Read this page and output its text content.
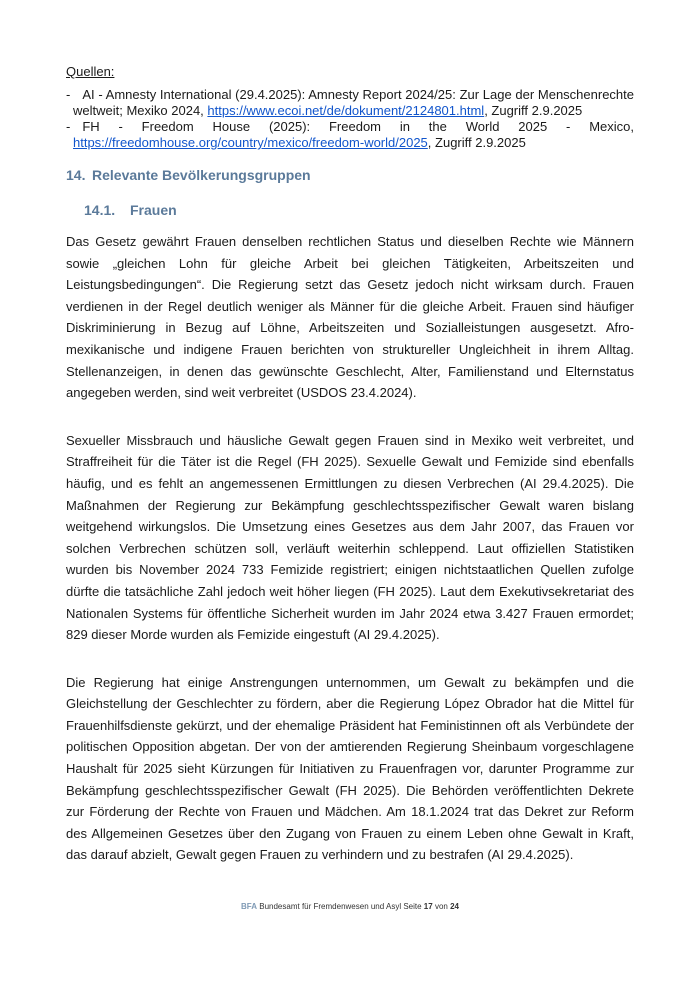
Quellen:
- AI - Amnesty International (29.4.2025): Amnesty Report 2024/25: Zur Lage der Menschenrechte weltweit; Mexiko 2024, https://www.ecoi.net/de/dokument/2124801.html, Zugriff 2.9.2025
- FH - Freedom House (2025): Freedom in the World 2025 - Mexico, https://freedomhouse.org/country/mexico/freedom-world/2025, Zugriff 2.9.2025
14. Relevante Bevölkerungsgruppen
14.1. Frauen

Das Gesetz gewährt Frauen denselben rechtlichen Status und dieselben Rechte wie Männern sowie „gleichen Lohn für gleiche Arbeit bei gleichen Tätigkeiten, Arbeitszeiten und Leistungsbedingungen“. Die Regierung setzt das Gesetz jedoch nicht wirksam durch. Frauen verdienen in der Regel deutlich weniger als Männer für die gleiche Arbeit. Frauen sind häufiger Diskriminierung in Bezug auf Löhne, Arbeitszeiten und Sozialleistungen ausgesetzt. Afro-mexikanische und indigene Frauen berichten von struktureller Ungleichheit in ihrem Alltag. Stellenanzeigen, in denen das gewünschte Geschlecht, Alter, Familienstand und Elternstatus angegeben werden, sind weit verbreitet (USDOS 23.4.2024).

Sexueller Missbrauch und häusliche Gewalt gegen Frauen sind in Mexiko weit verbreitet, und Straffreiheit für die Täter ist die Regel (FH 2025). Sexuelle Gewalt und Femizide sind ebenfalls häufig, und es fehlt an angemessenen Ermittlungen zu diesen Verbrechen (AI 29.4.2025). Die Maßnahmen der Regierung zur Bekämpfung geschlechtsspezifischer Gewalt waren bislang weitgehend wirkungslos. Die Umsetzung eines Gesetzes aus dem Jahr 2007, das Frauen vor solchen Verbrechen schützen soll, verläuft weiterhin schleppend. Laut offiziellen Statistiken wurden bis November 2024 733 Femizide registriert; einigen nichtstaatlichen Quellen zufolge dürfte die tatsächliche Zahl jedoch weit höher liegen (FH 2025). Laut dem Exekutivsekretariat des Nationalen Systems für öffentliche Sicherheit wurden im Jahr 2024 etwa 3.427 Frauen ermordet; 829 dieser Morde wurden als Femizide eingestuft (AI 29.4.2025).

Die Regierung hat einige Anstrengungen unternommen, um Gewalt zu bekämpfen und die Gleichstellung der Geschlechter zu fördern, aber die Regierung López Obrador hat die Mittel für Frauenhilfsdienste gekürzt, und der ehemalige Präsident hat Feministinnen oft als Verbündete der politischen Opposition abgetan. Der von der amtierenden Regierung Sheinbaum vorgeschlagene Haushalt für 2025 sieht Kürzungen für Initiativen zu Frauenfragen vor, darunter Programme zur Bekämpfung geschlechtsspezifischer Gewalt (FH 2025). Die Behörden veröffentlichten Dekrete zur Förderung der Rechte von Frauen und Mädchen. Am 18.1.2024 trat das Dekret zur Reform des Allgemeinen Gesetzes über den Zugang von Frauen zu einem Leben ohne Gewalt in Kraft, das darauf abzielt, Gewalt gegen Frauen zu verhindern und zu bestrafen (AI 29.4.2025).

BFA Bundesamt für Fremdenwesen und Asyl Seite 17 von 24
